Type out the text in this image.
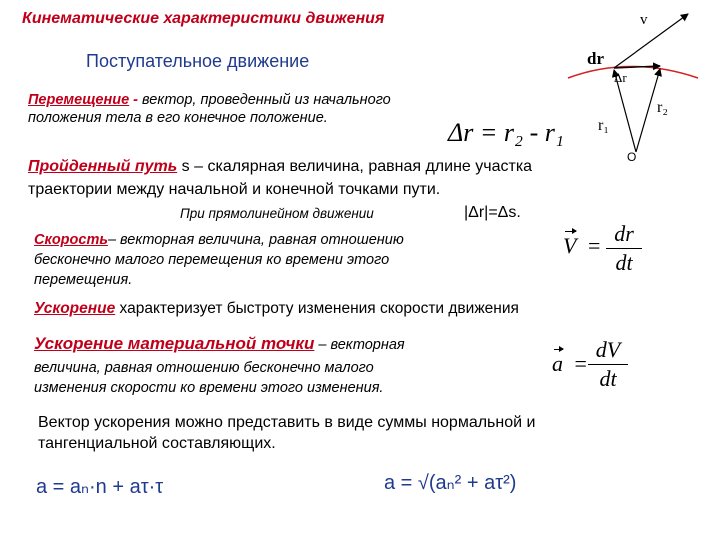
Кинематические характеристики движения
Поступательное движение
v
dr
Δr
r₁
r₂
O
Перемещение - вектор, проведенный из начального
положения тела в его конечное положение.	Δr = r₂ - r₁
Пройденный путь s – скалярная величина, равная длине участка
траектории между начальной и конечной точками пути.
При прямолинейном движении	|Δr|=Δs.
Скорость– векторная величина, равная отношению
бесконечно малого перемещения ко времени этого
перемещения.
V = dr
dt
Ускорение характеризует быстроту изменения скорости движения
Ускорение материальной точки – векторная
величина, равная отношению бесконечно малого
изменения скорости ко времени этого изменения.
a =
dV
dt
Вектор ускорения можно представить в виде суммы нормальной и
тангенциальной составляющих.
a = aₙ·n + aτ·τ	a = √(aₙ² + aτ²)
